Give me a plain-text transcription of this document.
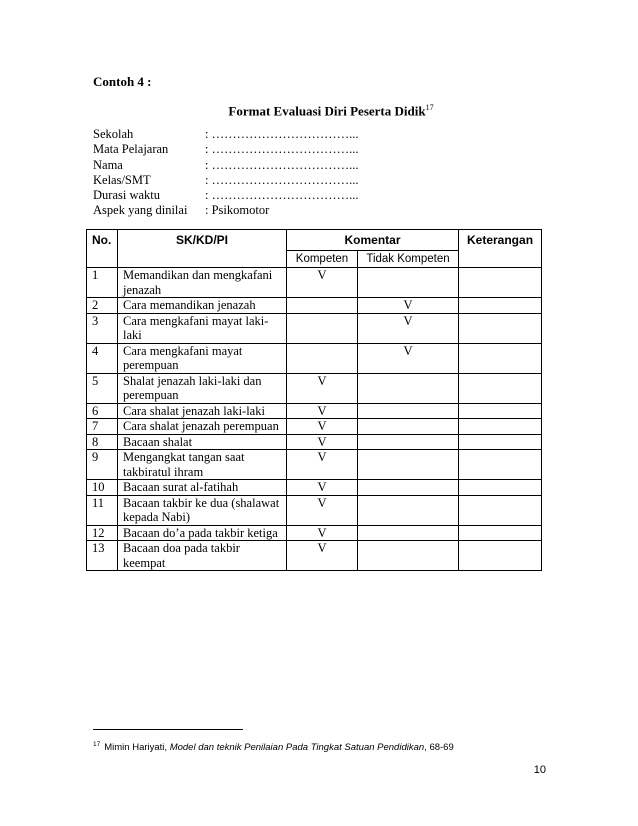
Contoh 4 :
Format Evaluasi Diri Peserta Didik$^{17}$
Sekolah	: ……………………………...
Mata Pelajaran	: ……………………………...
Nama	: ……………………………...
Kelas/SMT	: ……………………………...
Durasi waktu	: ……………………………...
Aspek yang dinilai	: Psikomotor
No.	SK/KD/PI	Komentar		Keterangan
		Kompeten	Tidak Kompeten	
1	Memandikan dan mengkafani jenazah	V		
2	Cara memandikan jenazah		V	
3	Cara mengkafani mayat laki-laki		V	
4	Cara mengkafani mayat perempuan		V	
5	Shalat jenazah laki-laki dan perempuan	V		
6	Cara shalat jenazah laki-laki	V		
7	Cara shalat jenazah perempuan	V		
8	Bacaan shalat	V		
9	Mengangkat tangan saat takbiratul ihram	V		
10	Bacaan surat al-fatihah	V		
11	Bacaan takbir ke dua (shalawat kepada Nabi)	V		
12	Bacaan do’a pada takbir ketiga	V		
13	Bacaan doa pada takbir keempat	V		
$^{17}$ Mimin Hariyati, Model dan teknik Penilaian Pada Tingkat Satuan Pendidikan, 68-69
10
